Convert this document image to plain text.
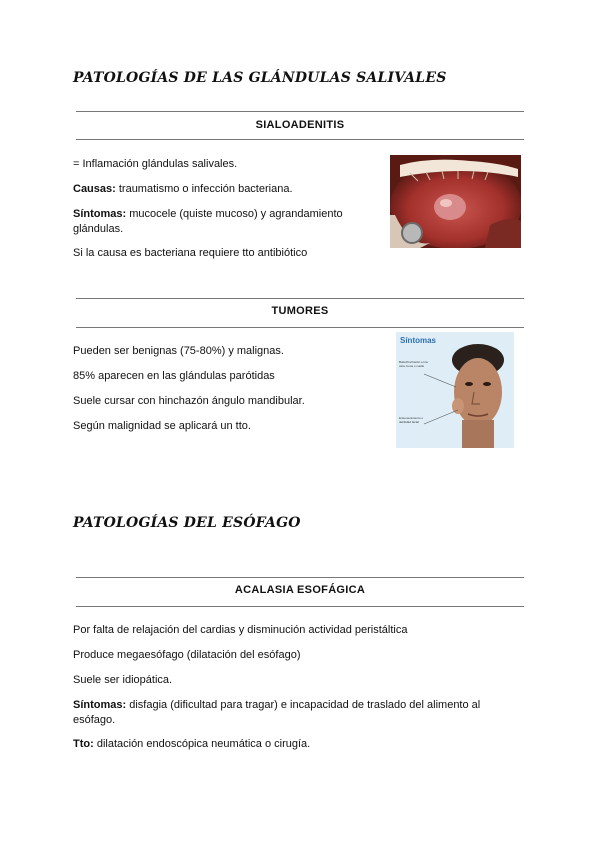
PATOLOGÍAS DE LAS GLÁNDULAS SALIVALES
SIALOADENITIS
= Inflamación glándulas salivales.
Causas: traumatismo o infección bacteriana.
Síntomas: mucocele (quiste mucoso) y agrandamiento glándulas.
Si la causa es bacteriana requiere tto antibiótico
TUMORES
Pueden ser benignas (75-80%) y malignas.
85% aparecen en las glándulas parótidas
Suele cursar con hinchazón ángulo mandibular.
Según malignidad se aplicará un tto.
Síntomas
Bulto/hinchazón en la cara, boca o cuello
Entumecimiento o debilidad facial
PATOLOGÍAS DEL ESÓFAGO
ACALASIA ESOFÁGICA
Por falta de relajación del cardias y disminución actividad peristáltica
Produce megaesófago (dilatación del esófago)
Suele ser idiopática.
Síntomas: disfagia (dificultad para tragar) e incapacidad de traslado del alimento al esófago.
Tto: dilatación endoscópica neumática o cirugía.
